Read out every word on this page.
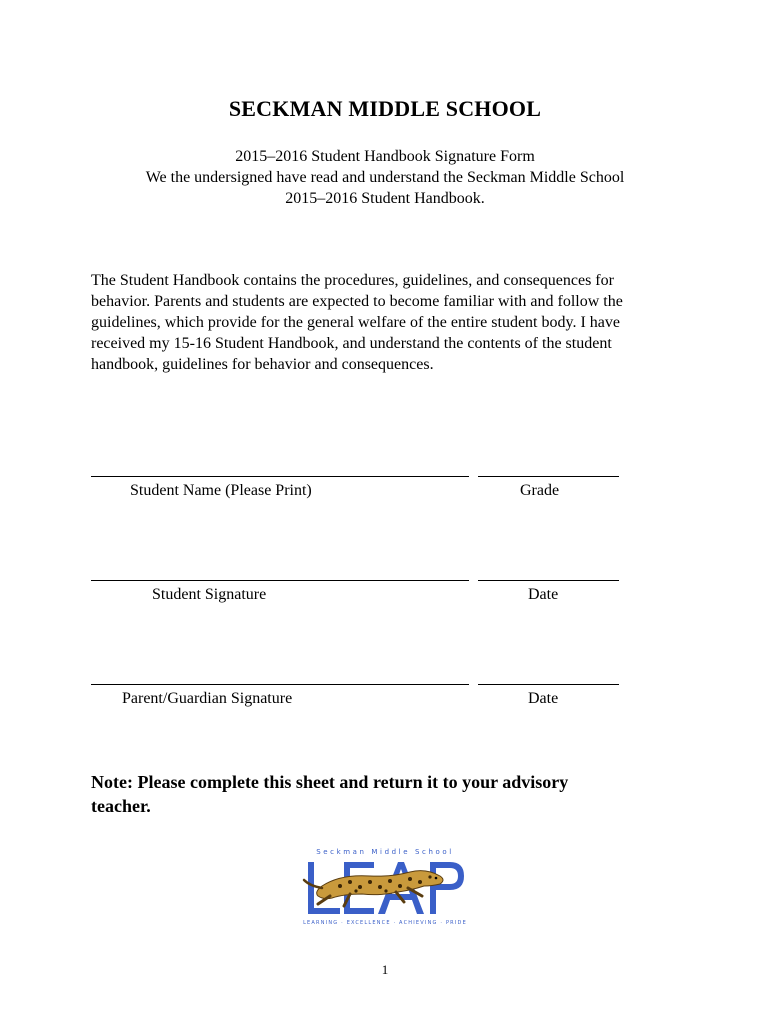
SECKMAN MIDDLE SCHOOL
2015–2016 Student Handbook Signature Form
We the undersigned have read and understand the Seckman Middle School
2015–2016 Student Handbook.
The Student Handbook contains the procedures, guidelines, and consequences for
behavior. Parents and students are expected to become familiar with and follow the
guidelines, which provide for the general welfare of the entire student body. I have
received my 15-16 Student Handbook, and understand the contents of the student
handbook, guidelines for behavior and consequences.
Student Name (Please Print)	Grade
Student Signature	Date
Parent/Guardian Signature	Date
Note: Please complete this sheet and return it to your advisory
teacher.
Seckman Middle School
LEARNING · EXCELLENCE · ACHIEVING · PRIDE
1
